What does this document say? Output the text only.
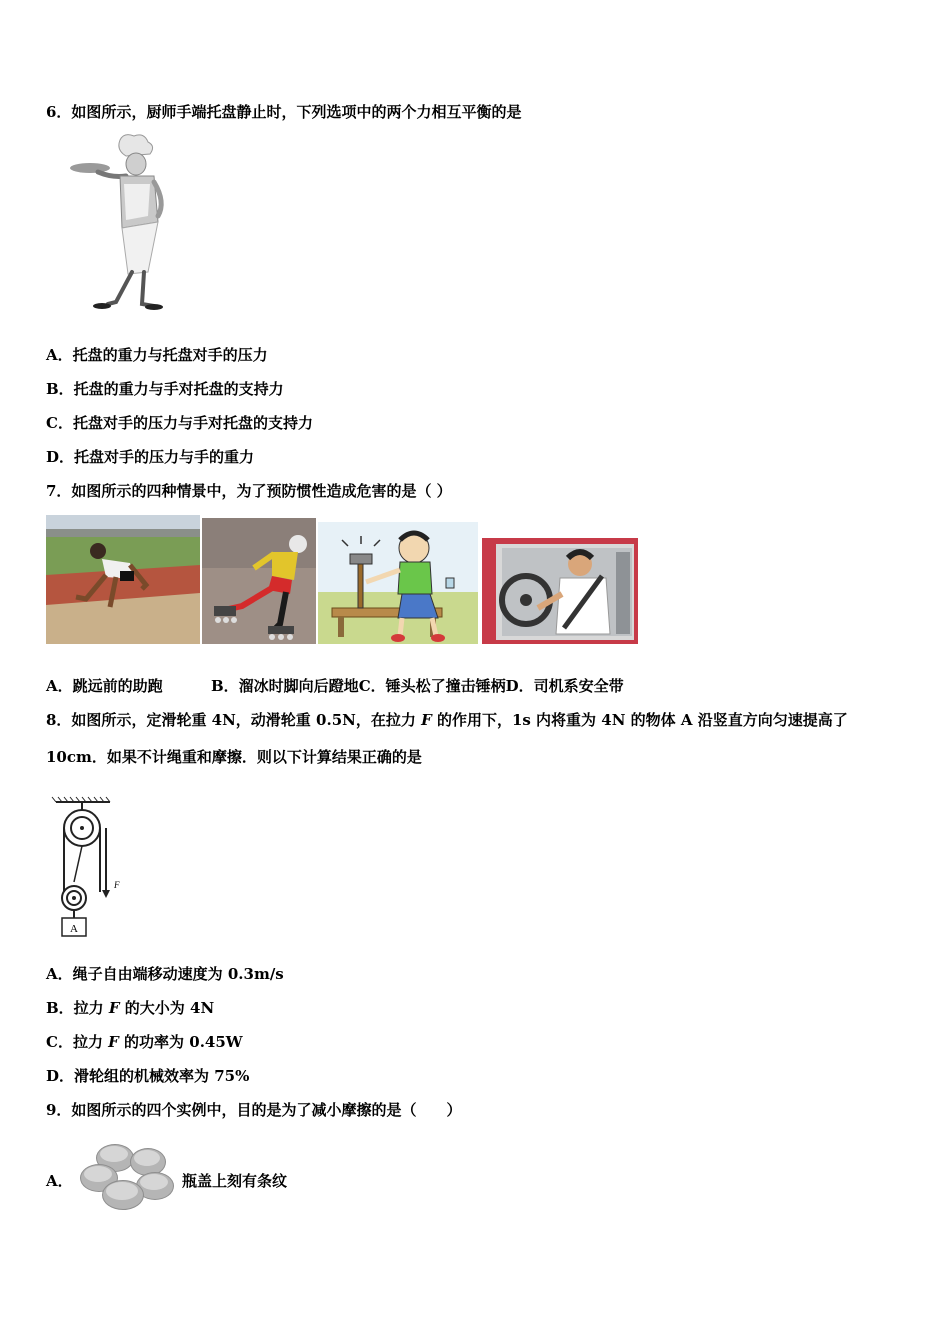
6．如图所示，厨师手端托盘静止时，下列选项中的两个力相互平衡的是
A．托盘的重力与托盘对手的压力
B．托盘的重力与手对托盘的支持力
C．托盘对手的压力与手对托盘的支持力
D．托盘对手的压力与手的重力
7．如图所示的四种情景中，为了预防惯性造成危害的是（ ）
A．跳远前的助跑	B．溜冰时脚向后蹬地C．锤头松了撞击锤柄D．司机系安全带
8．如图所示，定滑轮重 4N，动滑轮重 0.5N，在拉力 F 的作用下，1s 内将重为 4N 的物体 A 沿竖直方向匀速提高了
10cm．如果不计绳重和摩擦．则以下计算结果正确的是
A
F
A．绳子自由端移动速度为 0.3m/s
B．拉力 F 的大小为 4N
C．拉力 F 的功率为 0.45W
D．滑轮组的机械效率为 75%
9．如图所示的四个实例中，目的是为了减小摩擦的是（　　）
A．	瓶盖上刻有条纹
